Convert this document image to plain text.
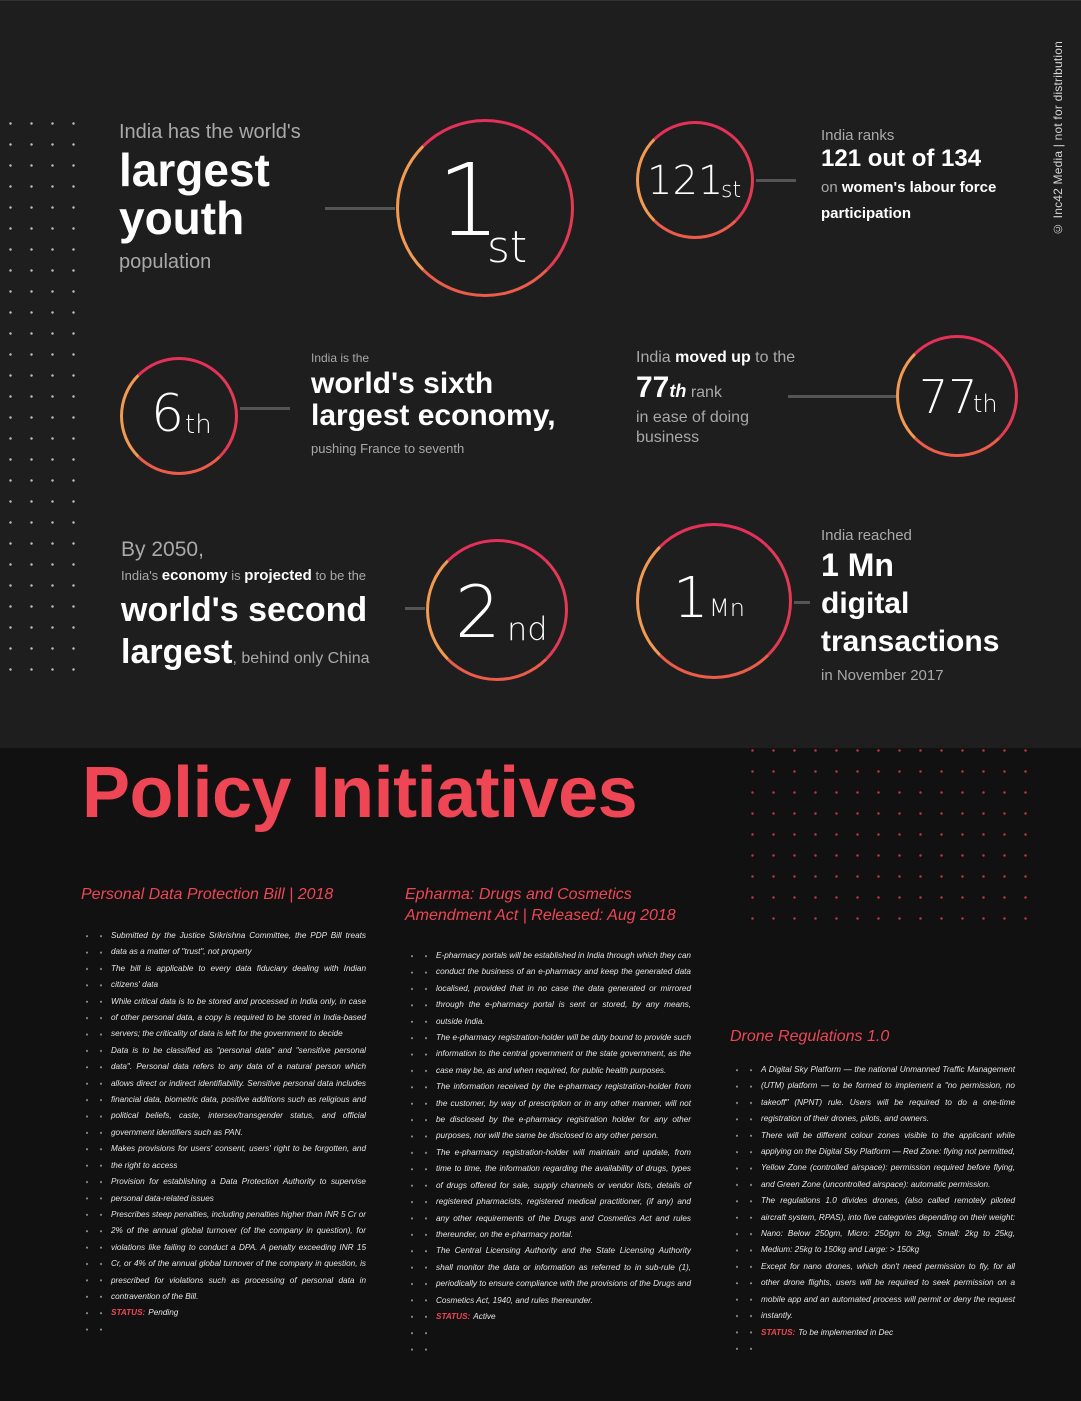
© Inc42 Media | not for distribution
India has the world's
largest
youth
population
1
st
121
st
India ranks
121 out of 134
on women's labour force
participation
6 th
India is the
world's sixth
largest economy,
pushing France to seventh
India moved up to the
77th rank
in ease of doing
business
77
th
By 2050,
India's economy is projected to be the
world's second
largest, behind only China
2 nd 1 Mn
India reached
1 Mn
digital
transactions
in November 2017
Policy Initiatives
Personal Data Protection Bill | 2018
Submitted by the Justice Srikrishna Committee, the PDP Bill treats data as a matter of "trust", not property
The bill is applicable to every data fiduciary dealing with Indian citizens' data
While critical data is to be stored and processed in India only, in case of other personal data, a copy is required to be stored in India-based servers; the criticality of data is left for the government to decide
Data is to be classified as "personal data" and "sensitive personal data". Personal data refers to any data of a natural person which allows direct or indirect identifiability. Sensitive personal data includes financial data, biometric data, positive additions such as religious and political beliefs, caste, intersex/transgender status, and official government identifiers such as PAN.
Makes provisions for users' consent, users' right to be forgotten, and the right to access
Provision for establishing a Data Protection Authority to supervise personal data-related issues
Prescribes steep penalties, including penalties higher than INR 5 Cr or 2% of the annual global turnover (of the company in question), for violations like failing to conduct a DPA. A penalty exceeding INR 15 Cr, or 4% of the annual global turnover of the company in question, is prescribed for violations such as processing of personal data in contravention of the Bill.
STATUS: Pending
Epharma: Drugs and Cosmetics
Amendment Act | Released: Aug 2018
E-pharmacy portals will be established in India through which they can conduct the business of an e-pharmacy and keep the generated data localised, provided that in no case the data generated or mirrored through the e-pharmacy portal is sent or stored, by any means, outside India.
The e-pharmacy registration-holder will be duty bound to provide such information to the central government or the state government, as the case may be, as and when required, for public health purposes.
The information received by the e-pharmacy registration-holder from the customer, by way of prescription or in any other manner, will not be disclosed by the e-pharmacy registration holder for any other purposes, nor will the same be disclosed to any other person.
The e-pharmacy registration-holder will maintain and update, from time to time, the information regarding the availability of drugs, types of drugs offered for sale, supply channels or vendor lists, details of registered pharmacists, registered medical practitioner, (if any) and any other requirements of the Drugs and Cosmetics Act and rules thereunder, on the e-pharmacy portal.
The Central Licensing Authority and the State Licensing Authority shall monitor the data or information as referred to in sub-rule (1), periodically to ensure compliance with the provisions of the Drugs and Cosmetics Act, 1940, and rules thereunder.
STATUS: Active
Drone Regulations 1.0
A Digital Sky Platform — the national Unmanned Traffic Management (UTM) platform — to be formed to implement a "no permission, no takeoff" (NPNT) rule. Users will be required to do a one-time registration of their drones, pilots, and owners.
There will be different colour zones visible to the applicant while applying on the Digital Sky Platform — Red Zone: flying not permitted, Yellow Zone (controlled airspace): permission required before flying, and Green Zone (uncontrolled airspace): automatic permission.
The regulations 1.0 divides drones, (also called remotely piloted aircraft system, RPAS), into five categories depending on their weight: Nano: Below 250gm, Micro: 250gm to 2kg, Small: 2kg to 25kg, Medium: 25kg to 150kg and Large: > 150kg
Except for nano drones, which don't need permission to fly, for all other drone flights, users will be required to seek permission on a mobile app and an automated process will permit or deny the request instantly.
STATUS: To be implemented in Dec
